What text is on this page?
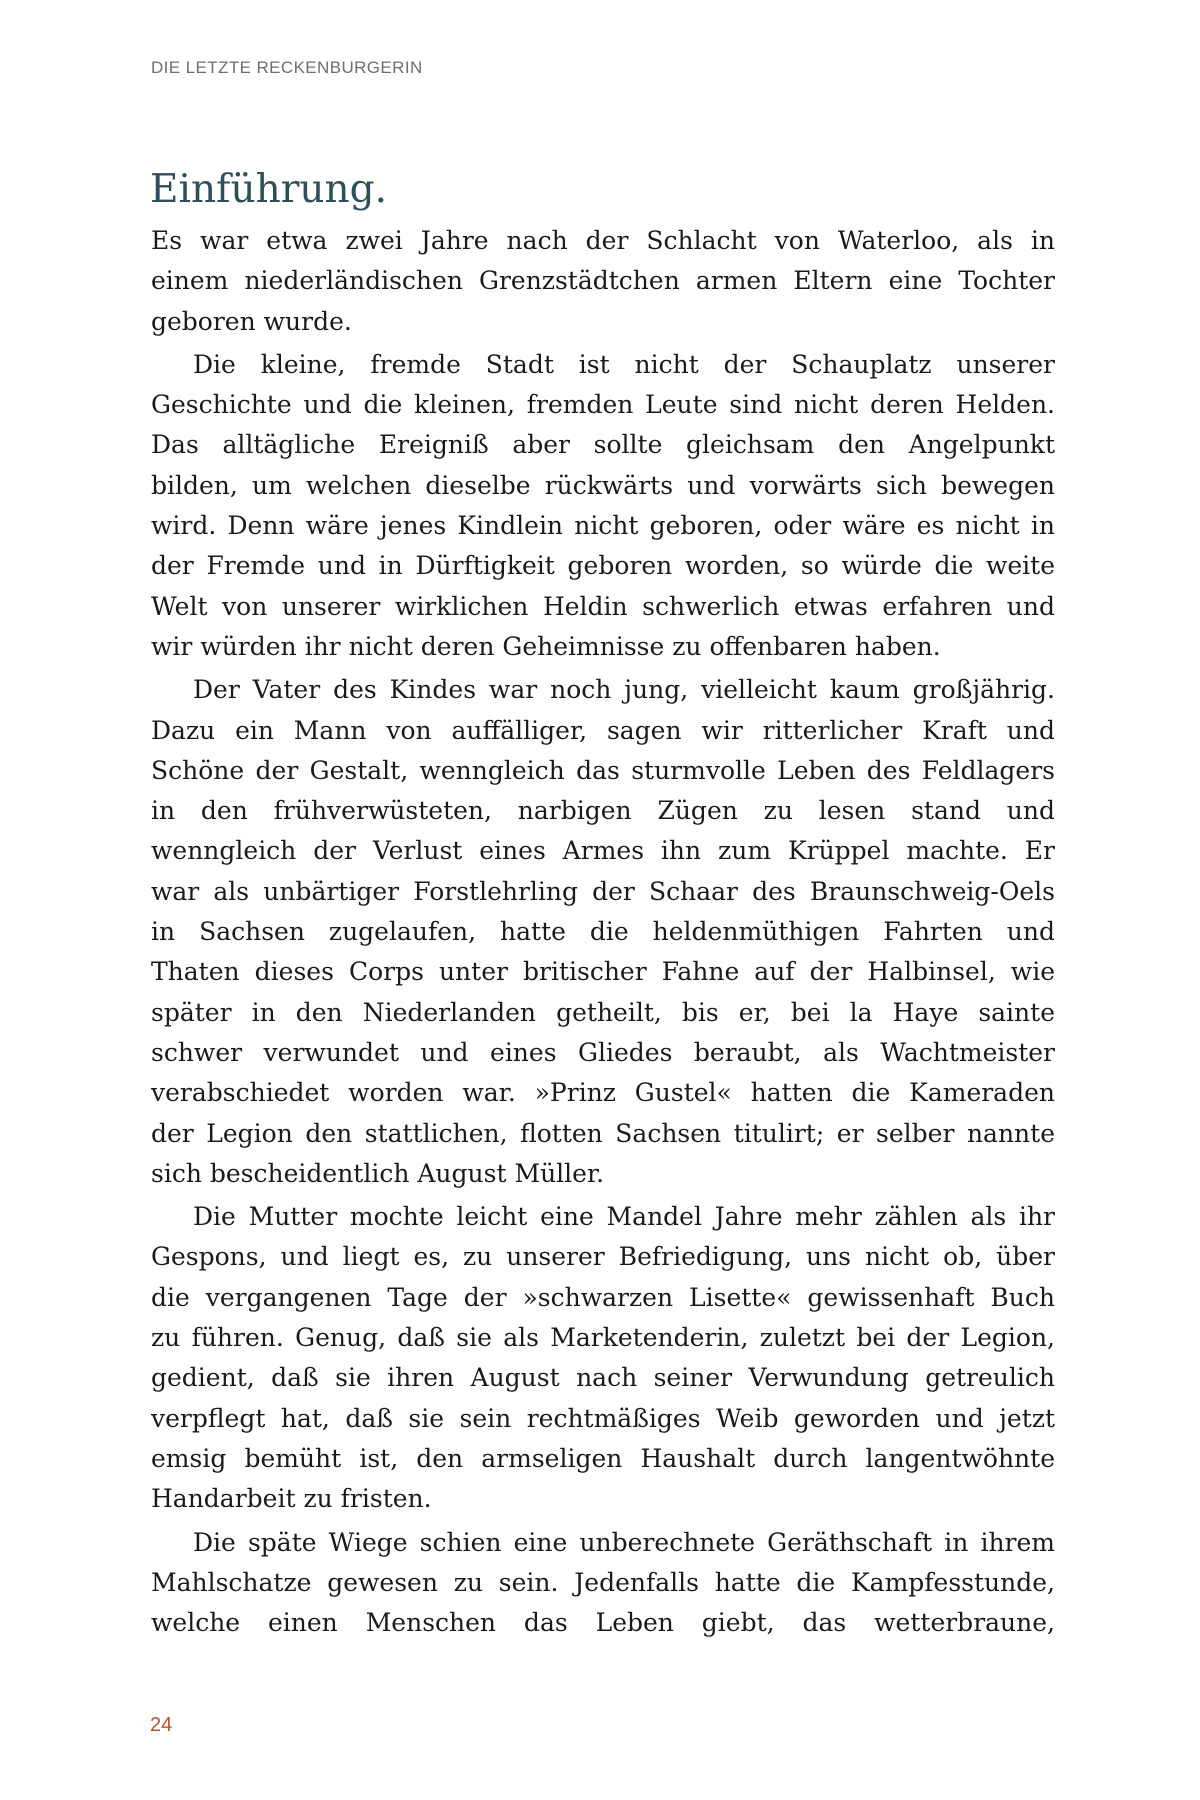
DIE LETZTE RECKENBURGERIN
Einführung.

Es war etwa zwei Jahre nach der Schlacht von Waterloo, als in
einem niederländischen Grenzstädtchen armen Eltern eine Tochter
geboren wurde.

Die kleine, fremde Stadt ist nicht der Schauplatz unserer
Geschichte und die kleinen, fremden Leute sind nicht deren Helden.
Das alltägliche Ereigniß aber sollte gleichsam den Angelpunkt
bilden, um welchen dieselbe rückwärts und vorwärts sich bewegen
wird. Denn wäre jenes Kindlein nicht geboren, oder wäre es nicht in
der Fremde und in Dürftigkeit geboren worden, so würde die weite
Welt von unserer wirklichen Heldin schwerlich etwas erfahren und
wir würden ihr nicht deren Geheimnisse zu offenbaren haben.

Der Vater des Kindes war noch jung, vielleicht kaum großjährig.
Dazu ein Mann von auffälliger, sagen wir ritterlicher Kraft und
Schöne der Gestalt, wenngleich das sturmvolle Leben des Feldlagers
in den frühverwüsteten, narbigen Zügen zu lesen stand und
wenngleich der Verlust eines Armes ihn zum Krüppel machte. Er
war als unbärtiger Forstlehrling der Schaar des Braunschweig-Oels
in Sachsen zugelaufen, hatte die heldenmüthigen Fahrten und
Thaten dieses Corps unter britischer Fahne auf der Halbinsel, wie
später in den Niederlanden getheilt, bis er, bei la Haye sainte
schwer verwundet und eines Gliedes beraubt, als Wachtmeister
verabschiedet worden war. »Prinz Gustel« hatten die Kameraden
der Legion den stattlichen, flotten Sachsen titulirt; er selber nannte
sich bescheidentlich August Müller.

Die Mutter mochte leicht eine Mandel Jahre mehr zählen als ihr
Gespons, und liegt es, zu unserer Befriedigung, uns nicht ob, über
die vergangenen Tage der »schwarzen Lisette« gewissenhaft Buch
zu führen. Genug, daß sie als Marketenderin, zuletzt bei der Legion,
gedient, daß sie ihren August nach seiner Verwundung getreulich
verpflegt hat, daß sie sein rechtmäßiges Weib geworden und jetzt
emsig bemüht ist, den armseligen Haushalt durch langentwöhnte
Handarbeit zu fristen.

Die späte Wiege schien eine unberechnete Geräthschaft in ihrem
Mahlschatze gewesen zu sein. Jedenfalls hatte die Kampfesstunde,
welche einen Menschen das Leben giebt, das wetterbraune,

24
